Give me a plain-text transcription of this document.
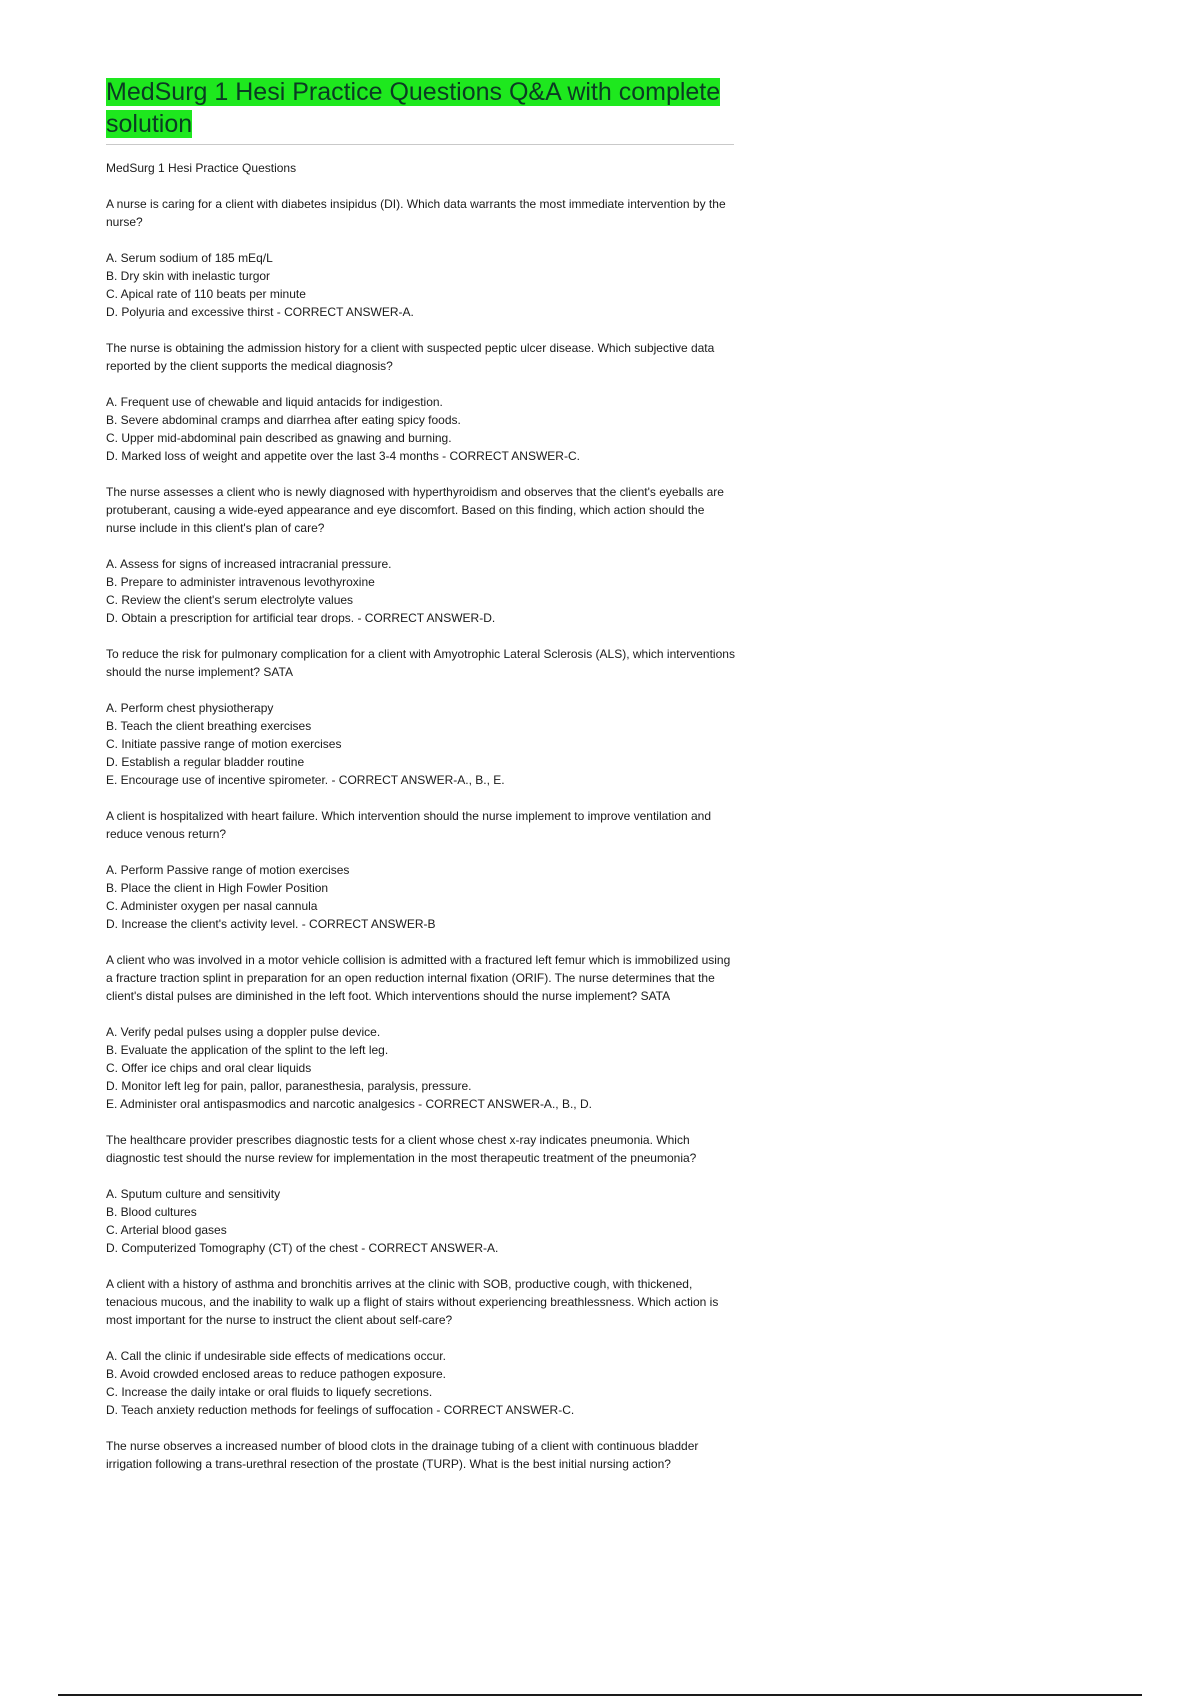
MedSurg 1 Hesi Practice Questions Q&A with complete solution

MedSurg 1 Hesi Practice Questions

A nurse is caring for a client with diabetes insipidus (DI). Which data warrants the most immediate intervention by the nurse?

A. Serum sodium of 185 mEq/L
B. Dry skin with inelastic turgor
C. Apical rate of 110 beats per minute
D. Polyuria and excessive thirst - CORRECT ANSWER-A.

The nurse is obtaining the admission history for a client with suspected peptic ulcer disease. Which subjective data reported by the client supports the medical diagnosis?

A. Frequent use of chewable and liquid antacids for indigestion.
B. Severe abdominal cramps and diarrhea after eating spicy foods.
C. Upper mid-abdominal pain described as gnawing and burning.
D. Marked loss of weight and appetite over the last 3-4 months - CORRECT ANSWER-C.

The nurse assesses a client who is newly diagnosed with hyperthyroidism and observes that the client's eyeballs are protuberant, causing a wide-eyed appearance and eye discomfort. Based on this finding, which action should the nurse include in this client's plan of care?

A. Assess for signs of increased intracranial pressure.
B. Prepare to administer intravenous levothyroxine
C. Review the client's serum electrolyte values
D. Obtain a prescription for artificial tear drops. - CORRECT ANSWER-D.

To reduce the risk for pulmonary complication for a client with Amyotrophic Lateral Sclerosis (ALS), which interventions should the nurse implement? SATA

A. Perform chest physiotherapy
B. Teach the client breathing exercises
C. Initiate passive range of motion exercises
D. Establish a regular bladder routine
E. Encourage use of incentive spirometer. - CORRECT ANSWER-A., B., E.

A client is hospitalized with heart failure. Which intervention should the nurse implement to improve ventilation and reduce venous return?

A. Perform Passive range of motion exercises
B. Place the client in High Fowler Position
C. Administer oxygen per nasal cannula
D. Increase the client's activity level. - CORRECT ANSWER-B

A client who was involved in a motor vehicle collision is admitted with a fractured left femur which is immobilized using a fracture traction splint in preparation for an open reduction internal fixation (ORIF). The nurse determines that the client's distal pulses are diminished in the left foot. Which interventions should the nurse implement? SATA

A. Verify pedal pulses using a doppler pulse device.
B. Evaluate the application of the splint to the left leg.
C. Offer ice chips and oral clear liquids
D. Monitor left leg for pain, pallor, paranesthesia, paralysis, pressure.
E. Administer oral antispasmodics and narcotic analgesics - CORRECT ANSWER-A., B., D.

The healthcare provider prescribes diagnostic tests for a client whose chest x-ray indicates pneumonia. Which diagnostic test should the nurse review for implementation in the most therapeutic treatment of the pneumonia?

A. Sputum culture and sensitivity
B. Blood cultures
C. Arterial blood gases
D. Computerized Tomography (CT) of the chest - CORRECT ANSWER-A.

A client with a history of asthma and bronchitis arrives at the clinic with SOB, productive cough, with thickened, tenacious mucous, and the inability to walk up a flight of stairs without experiencing breathlessness. Which action is most important for the nurse to instruct the client about self-care?

A. Call the clinic if undesirable side effects of medications occur.
B. Avoid crowded enclosed areas to reduce pathogen exposure.
C. Increase the daily intake or oral fluids to liquefy secretions.
D. Teach anxiety reduction methods for feelings of suffocation - CORRECT ANSWER-C.

The nurse observes a increased number of blood clots in the drainage tubing of a client with continuous bladder irrigation following a trans-urethral resection of the prostate (TURP). What is the best initial nursing action?
